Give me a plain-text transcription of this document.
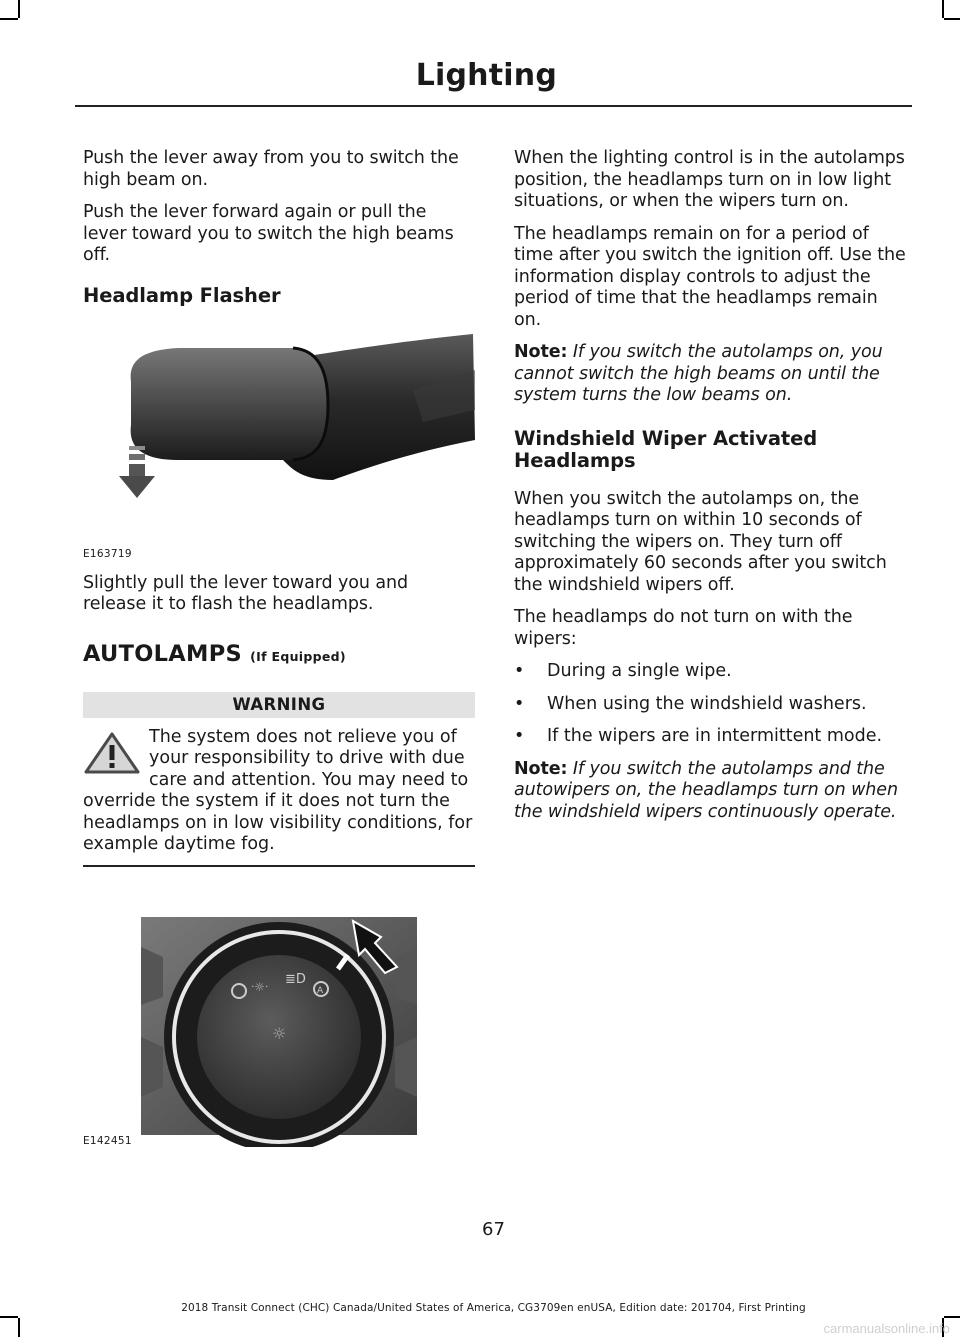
Lighting

Push the lever away from you to switch the high beam on.

Push the lever forward again or pull the lever toward you to switch the high beams off.

Headlamp Flasher

E163719

Slightly pull the lever toward you and release it to flash the headlamps.

AUTOLAMPS (If Equipped)

WARNING
The system does not relieve you of your responsibility to drive with due care and attention. You may need to override the system if it does not turn the headlamps on in low visibility conditions, for example daytime fog.
ᐧ☼ᐧ ≣D
A
☼
E142451

When the lighting control is in the autolamps position, the headlamps turn on in low light situations, or when the wipers turn on.

The headlamps remain on for a period of time after you switch the ignition off. Use the information display controls to adjust the period of time that the headlamps remain on.

Note: If you switch the autolamps on, you cannot switch the high beams on until the system turns the low beams on.

Windshield Wiper Activated Headlamps

When you switch the autolamps on, the headlamps turn on within 10 seconds of switching the wipers on. They turn off approximately 60 seconds after you switch the windshield wipers off.

The headlamps do not turn on with the wipers:

• During a single wipe.
• When using the windshield washers.
• If the wipers are in intermittent mode.

Note: If you switch the autolamps and the autowipers on, the headlamps turn on when the windshield wipers continuously operate.

67
2018 Transit Connect (CHC) Canada/United States of America, CG3709en enUSA, Edition date: 201704, First Printing
carmanualsonline.info
